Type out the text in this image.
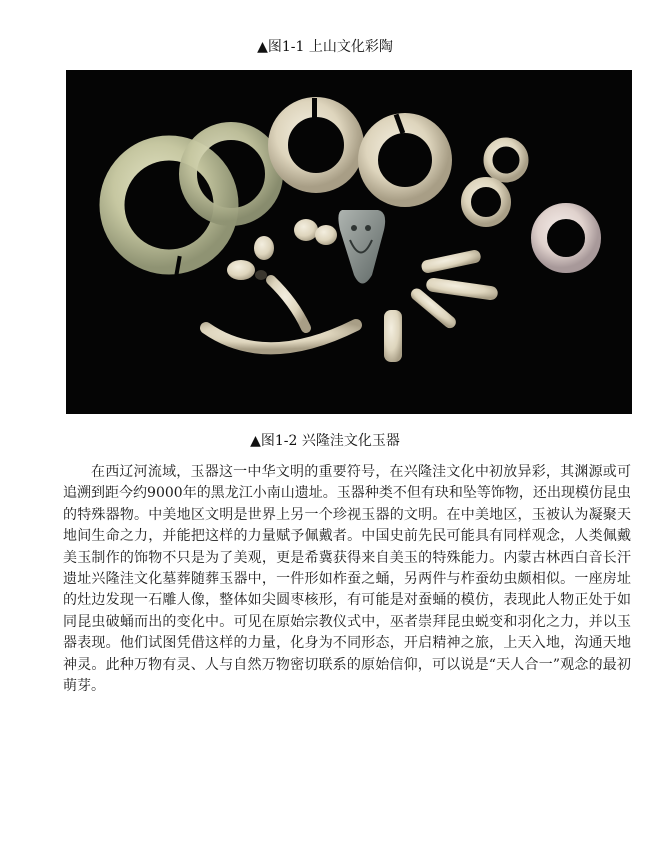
▲图1-1 上山文化彩陶
▲图1-2 兴隆洼文化玉器

在西辽河流域，玉器这一中华文明的重要符号，在兴隆洼文化中初放异彩，其渊源或可追溯到距今约9000年的黑龙江小南山遗址。玉器种类不但有玦和坠等饰物，还出现模仿昆虫的特殊器物。中美地区文明是世界上另一个珍视玉器的文明。在中美地区，玉被认为凝聚天地间生命之力，并能把这样的力量赋予佩戴者。中国史前先民可能具有同样观念，人类佩戴美玉制作的饰物不只是为了美观，更是希冀获得来自美玉的特殊能力。内蒙古林西白音长汗遗址兴隆洼文化墓葬随葬玉器中，一件形如柞蚕之蛹，另两件与柞蚕幼虫颇相似。一座房址的灶边发现一石雕人像，整体如尖圆枣核形，有可能是对蚕蛹的模仿，表现此人物正处于如同昆虫破蛹而出的变化中。可见在原始宗教仪式中，巫者崇拜昆虫蜕变和羽化之力，并以玉器表现。他们试图凭借这样的力量，化身为不同形态，开启精神之旅，上天入地，沟通天地神灵。此种万物有灵、人与自然万物密切联系的原始信仰，可以说是“天人合一”观念的最初萌芽。
